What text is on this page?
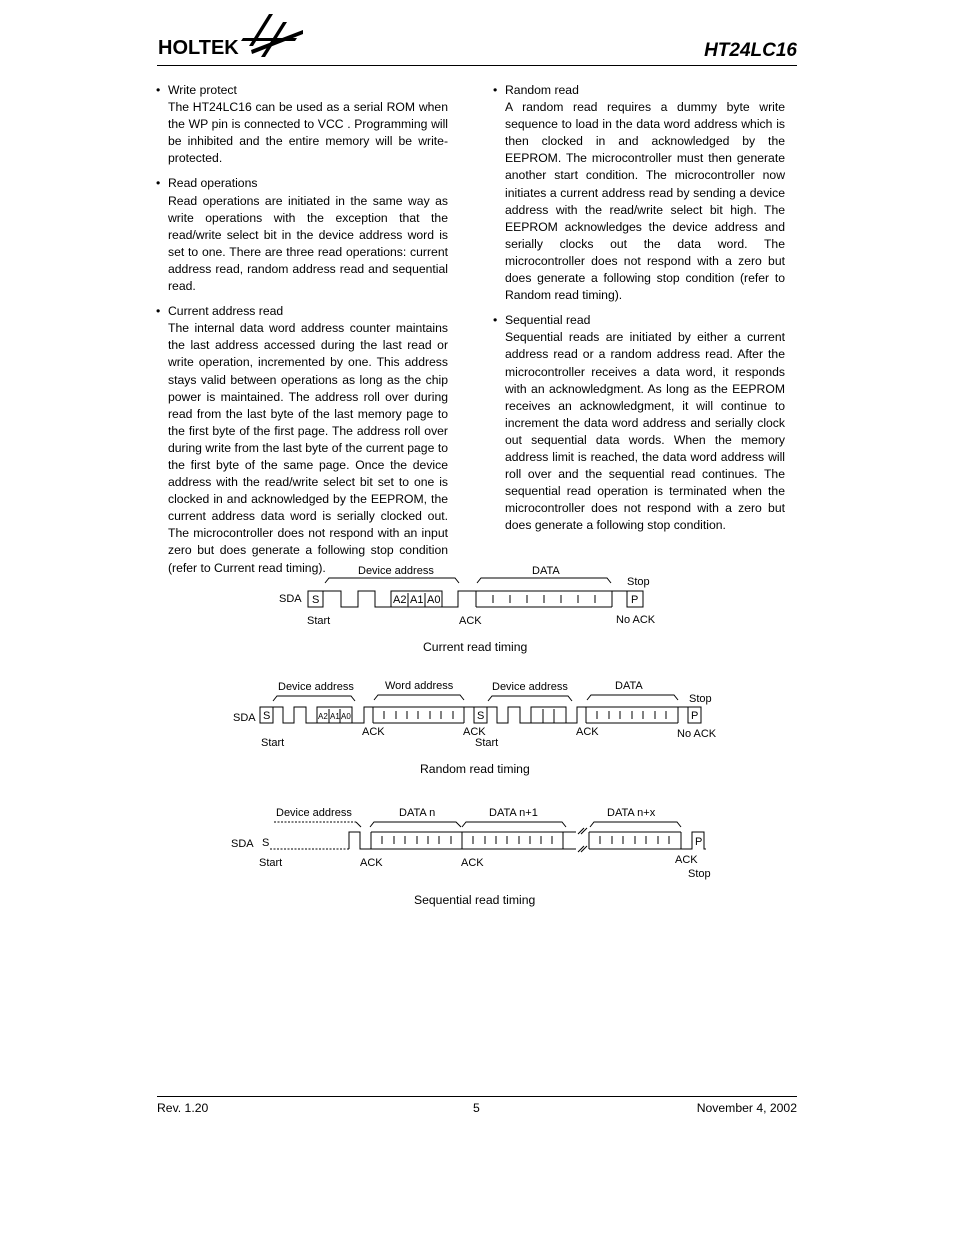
HOLTEK	HT24LC16
• Write protect
The HT24LC16 can be used as a serial ROM when the WP pin is connected to VCC . Programming will be inhibited and the entire memory will be write-protected.
• Read operations
Read operations are initiated in the same way as write operations with the exception that the read/write select bit in the device address word is set to one. There are three read operations: current address read, random address read and sequential read.
• Current address read
The internal data word address counter maintains the last address accessed during the last read or write operation, incremented by one. This address stays valid between operations as long as the chip power is maintained. The address roll over during read from the last byte of the last memory page to the first byte of the first page. The address roll over during write from the last byte of the current page to the first byte of the same page. Once the device address with the read/write select bit set to one is clocked in and acknowledged by the EEPROM, the current address data word is serially clocked out. The microcontroller does not respond with an input zero but does generate a following stop condition (refer to Current read timing).
• Random read
A random read requires a dummy byte write sequence to load in the data word address which is then clocked in and acknowledged by the EEPROM. The microcontroller must then generate another start condition. The microcontroller now initiates a current address read by sending a device address with the read/write select bit high. The EEPROM acknowledges the device address and serially clocks out the data word. The microcontroller does not respond with a zero but does generate a following stop condition (refer to Random read timing).
• Sequential read
Sequential reads are initiated by either a current address read or a random address read. After the microcontroller receives a data word, it responds with an acknowledgment. As long as the EEPROM receives an acknowledgment, it will continue to increment the data word address and serially clock out sequential data words. When the memory address limit is reached, the data word address will roll over and the sequential read continues. The sequential read operation is terminated when the microcontroller does not respond with a zero but does generate a following stop condition.
Device address	DATA
Stop
SDA S	A2 A1 A0	P
Start	ACK	No ACK
Current read timing
Device address	Word address	Device address	DATA
Stop
SDA S	A2 A1 A0	S	P
Start
ACK	ACK
Start
ACK	No ACK
Random read timing
Device address	DATA n	DATA n+1	DATA n+x
SDA S	P
Start	ACK	ACK	ACK
Stop
Sequential read timing
Rev. 1.20	5	November 4, 2002
